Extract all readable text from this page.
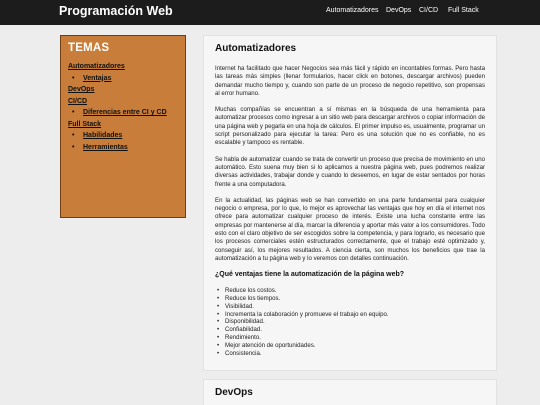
Programación Web	Automatizadores DevOps CI/CD Full Stack
TEMAS
Automatizadores
• Ventajas
DevOps
CI/CD
• Diferencias entre CI y CD
Full Stack
• Habilidades
• Herramientas
Automatizadores

Internet ha facilitado que hacer Negocios sea más fácil y rápido en incontables formas. Pero hasta las tareas más simples (llenar formularios, hacer click en botones, descargar archivos) pueden demandar mucho tiempo y, cuando son parte de un proceso de negocio repetitivo, son propensas al error humano.

Muchas compañías se encuentran a sí mismas en la búsqueda de una herramienta para automatizar procesos como ingresar a un sitio web para descargar archivos o copiar información de una página web y pegarla en una hoja de cálculos. El primer impulso es, usualmente, programar un script personalizado para ejecutar la tarea: Pero es una solución que no es confiable, no es escalable y tampoco es rentable.

Se habla de automatizar cuando se trata de convertir un proceso que precisa de movimiento en uno automático. Esto suena muy bien si lo aplicamos a nuestra página web, pues podremos realizar diversas actividades, trabajar donde y cuando lo deseemos, en lugar de estar sentados por horas frente a una computadora.

En la actualidad, las páginas web se han convertido en una parte fundamental para cualquier negocio o empresa, por lo que, lo mejor es aprovechar las ventajas que hoy en día el internet nos ofrece para automatizar cualquier proceso de interés. Existe una lucha constante entre las empresas por mantenerse al día, marcar la diferencia y aportar más valor a los consumidores. Todo esto con el claro objetivo de ser escogidos sobre la competencia, y para lograrlo, es necesario que los procesos comerciales estén estructurados correctamente, que el trabajo esté optimizado y, conseguir así, los mejores resultados. A ciencia cierta, son muchos los beneficios que trae la automatización a tu página web y lo veremos con detalles continuación.

¿Qué ventajas tiene la automatización de la página web?
• Reduce los costos.
• Reduce los tiempos.
• Visibilidad.
• Incrementa la colaboración y promueve el trabajo en equipo.
• Disponibilidad.
• Confiabilidad.
• Rendimiento.
• Mejor atención de oportunidades.
• Consistencia.
DevOps
